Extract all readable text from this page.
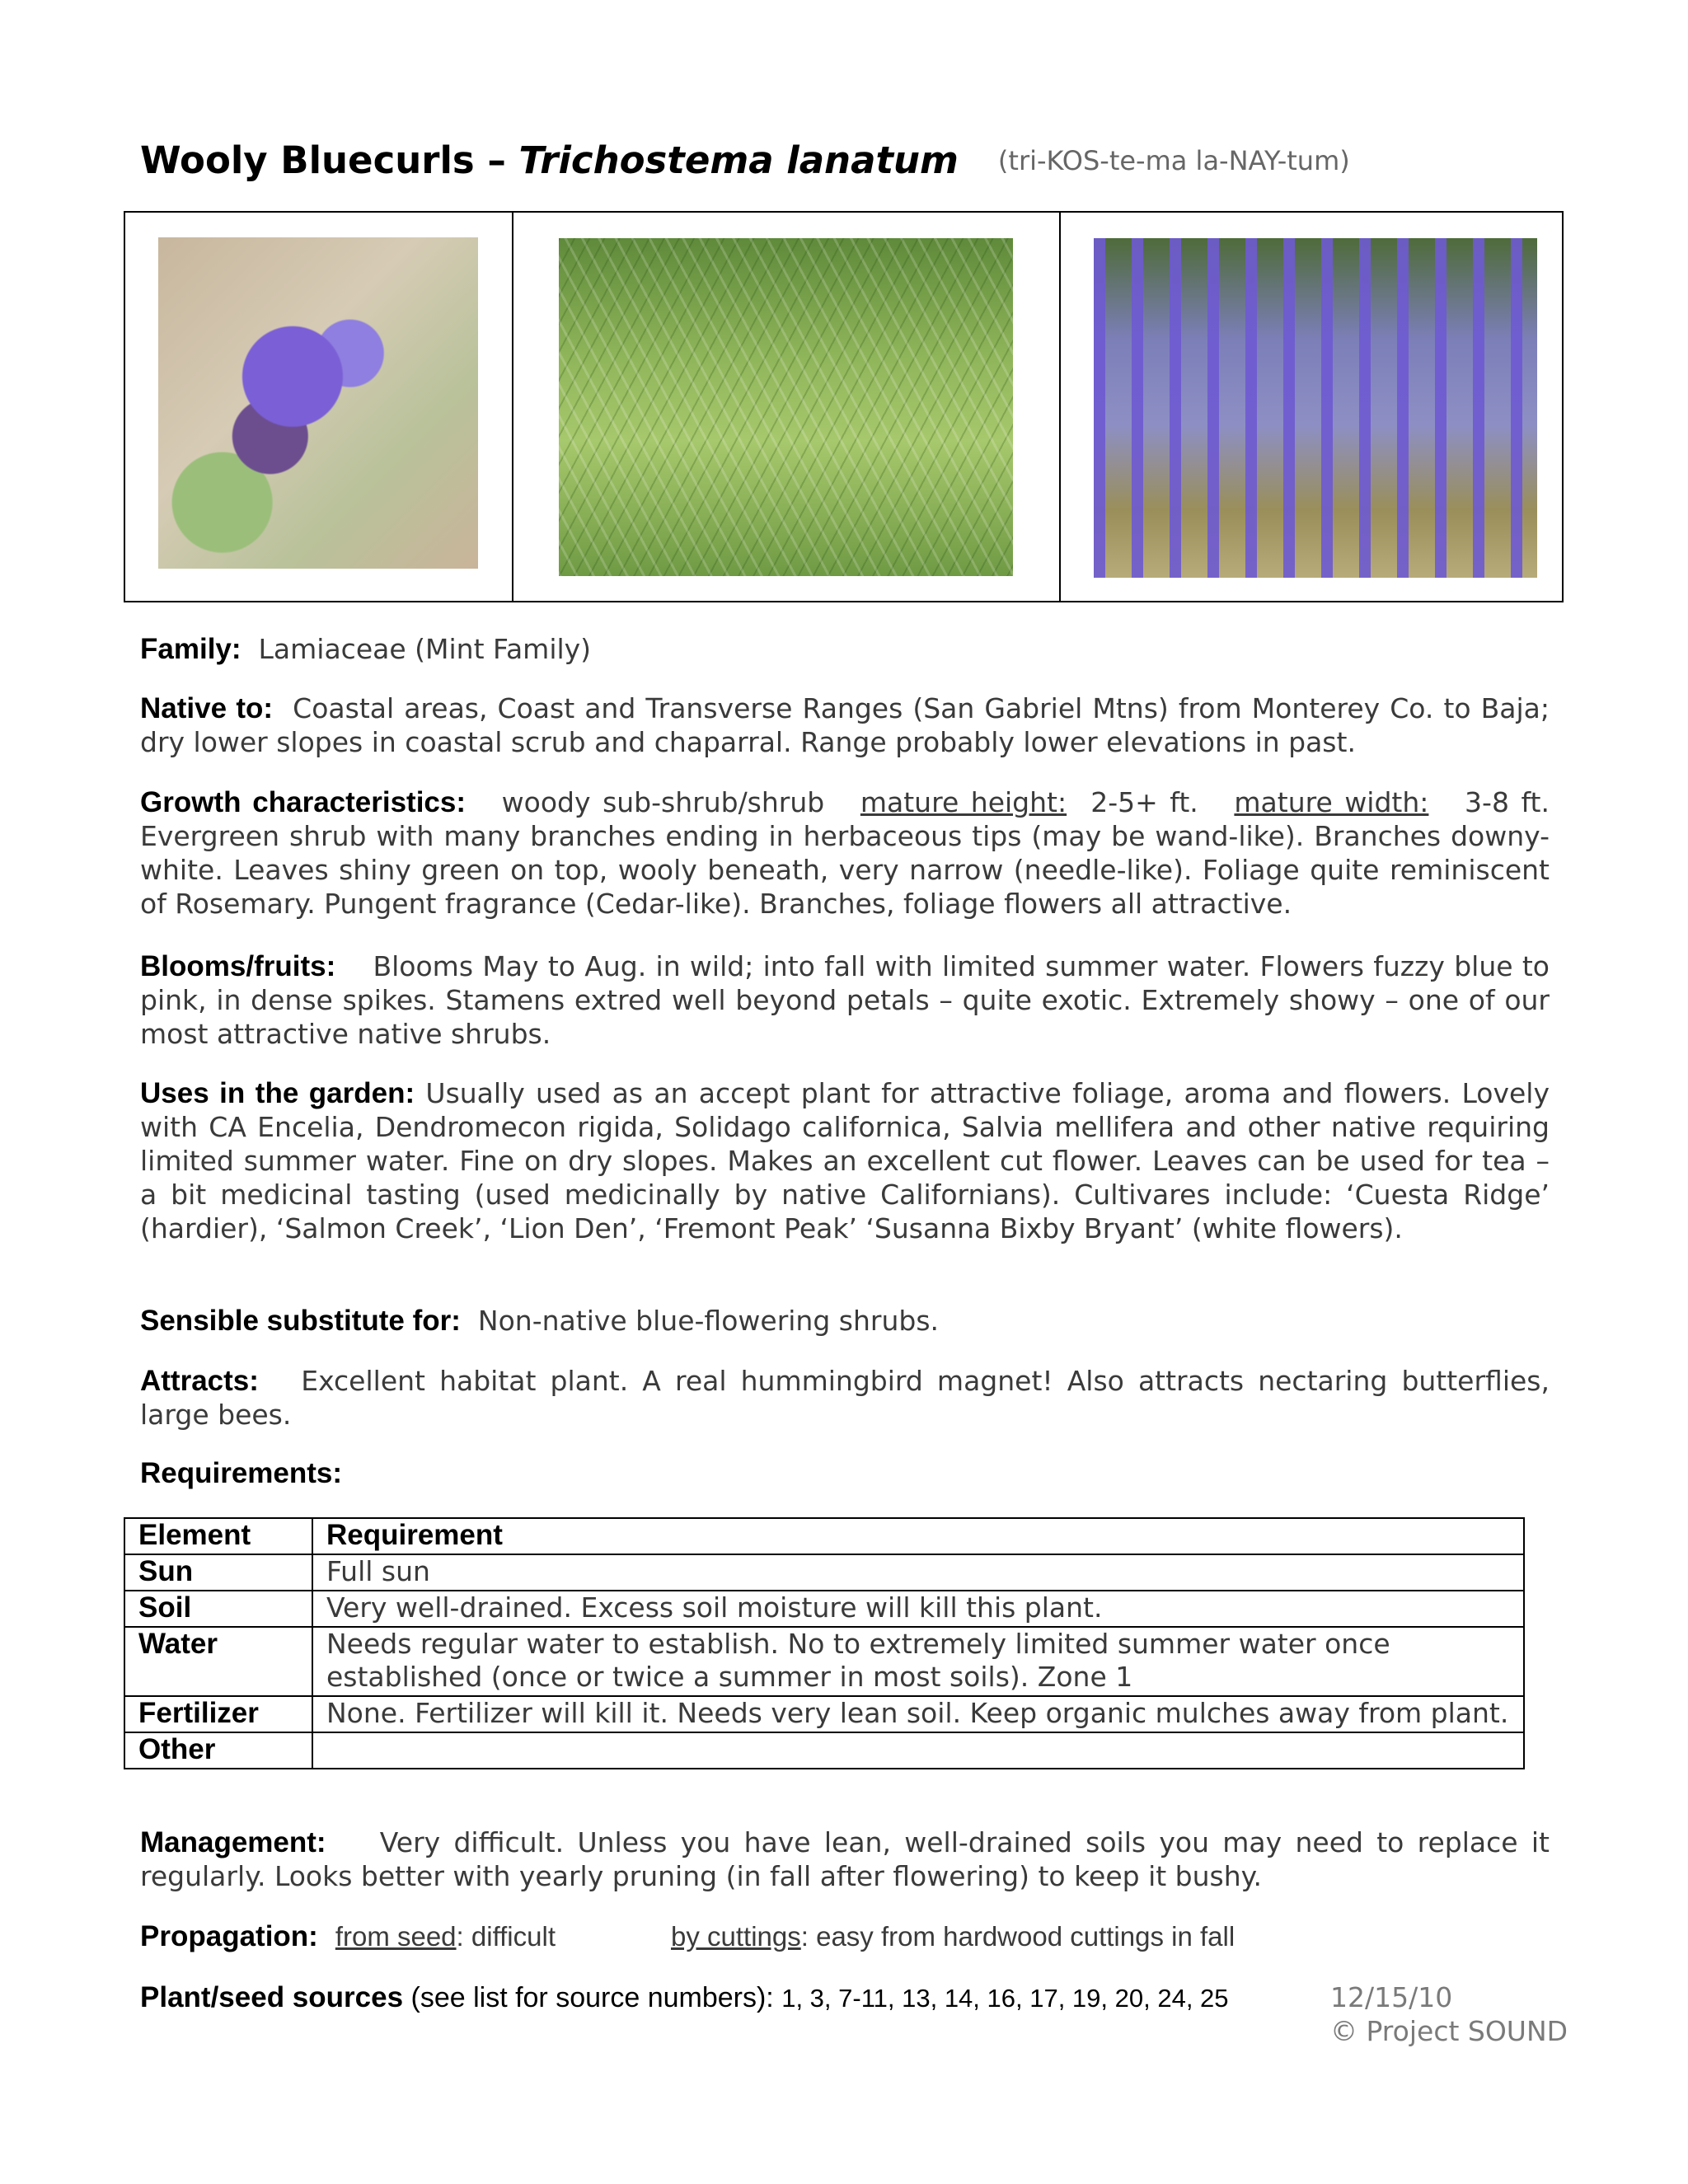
Wooly Bluecurls – Trichostema lanatum (tri-KOS-te-ma la-NAY-tum)
Family: Lamiaceae (Mint Family)
Native to: Coastal areas, Coast and Transverse Ranges (San Gabriel Mtns) from Monterey Co. to Baja; dry lower slopes in coastal scrub and chaparral. Range probably lower elevations in past.
Growth characteristics: woody sub-shrub/shrub mature height: 2-5+ ft. mature width: 3-8 ft. Evergreen shrub with many branches ending in herbaceous tips (may be wand-like). Branches downy-white. Leaves shiny green on top, wooly beneath, very narrow (needle-like). Foliage quite reminiscent of Rosemary. Pungent fragrance (Cedar-like). Branches, foliage flowers all attractive.
Blooms/fruits: Blooms May to Aug. in wild; into fall with limited summer water. Flowers fuzzy blue to pink, in dense spikes. Stamens extred well beyond petals – quite exotic. Extremely showy – one of our most attractive native shrubs.
Uses in the garden: Usually used as an accept plant for attractive foliage, aroma and flowers. Lovely with CA Encelia, Dendromecon rigida, Solidago californica, Salvia mellifera and other native requiring limited summer water. Fine on dry slopes. Makes an excellent cut flower. Leaves can be used for tea – a bit medicinal tasting (used medicinally by native Californians). Cultivares include: ‘Cuesta Ridge’ (hardier), ‘Salmon Creek’, ‘Lion Den’, ‘Fremont Peak’ ‘Susanna Bixby Bryant’ (white flowers).
Sensible substitute for: Non-native blue-flowering shrubs.
Attracts: Excellent habitat plant. A real hummingbird magnet! Also attracts nectaring butterflies, large bees.
Requirements:
Element	Requirement
Sun	Full sun
Soil	Very well-drained. Excess soil moisture will kill this plant.
Water	Needs regular water to establish. No to extremely limited summer water once established (once or twice a summer in most soils). Zone 1
Fertilizer	None. Fertilizer will kill it. Needs very lean soil. Keep organic mulches away from plant.
Other	
Management: Very difficult. Unless you have lean, well-drained soils you may need to replace it regularly. Looks better with yearly pruning (in fall after flowering) to keep it bushy.
Propagation: from seed: difficult	by cuttings: easy from hardwood cuttings in fall
Plant/seed sources (see list for source numbers): 1, 3, 7-11, 13, 14, 16, 17, 19, 20, 24, 25	12/15/10
© Project SOUND
